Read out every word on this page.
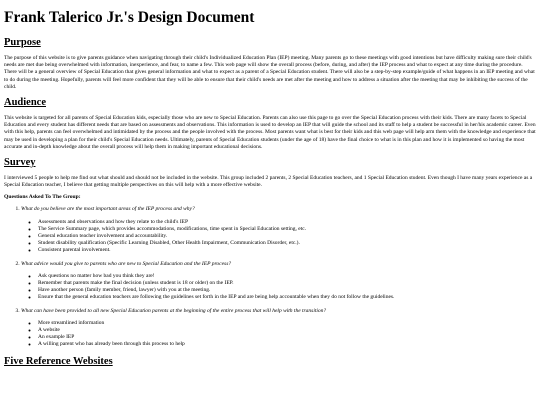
Frank Talerico Jr.'s Design Document
Purpose

The purpose of this website is to give parents guidance when navigating through their child's Individualized Education Plan (IEP) meeting. Many parents go to these meetings with good intentions but have difficulty making sure their child's needs are met due being overwhelmed with information, inexperience, and fear, to name a few. This web page will show the overall process (before, during, and after) the IEP process and what to expect at any time during the procedure. There will be a general overview of Special Education that gives general information and what to expect as a parent of a Special Education student. There will also be a step-by-step example/guide of what happens in an IEP meeting and what to do during the meeting. Hopefully, parents will feel more confident that they will be able to ensure that their child's needs are met after the meeting and how to address a situation after the meeting that may be inhibiting the success of the child.

Audience

This website is targeted for all parents of Special Education kids, especially those who are new to Special Education. Parents can also use this page to go over the Special Education process with their kids. There are many facets to Special Education and every student has different needs that are based on assessments and observations. This information is used to develop an IEP that will guide the school and its staff to help a student be successful in her/his academic career. Even with this help, parents can feel overwhelmed and intimidated by the process and the people involved with the process. Most parents want what is best for their kids and this web page will help arm them with the knowledge and experience that may be used in developing a plan for their child's Special Education needs. Ultimately, parents of Special Education students (under the age of 18) have the final choice to what is in this plan and how it is implemented so having the most accurate and in-depth knowledge about the overall process will help them in making important educational decisions.

Survey

I interviewed 5 people to help me find out what should and should not be included in the website. This group included 2 parents, 2 Special Education teachers, and 1 Special Education student. Even though I have many years experience as a Special Education teacher, I believe that getting multiple perspectives on this will help with a more effective website.

Questions Asked To The Group:
1. What do you believe are the most important areas of the IEP process and why?
◦ Assessments and observations and how they relate to the child's IEP
◦ The Service Summary page, which provides accommodations, modifications, time spent in Special Education setting, etc.
◦ General education teacher involvement and accountability.
◦ Student disability qualification (Specific Learning Disabled, Other Health Impairment, Communication Disorder, etc.).
◦ Consistent parental involvement.
2. What advice would you give to parents who are new to Special Education and the IEP process?
◦ Ask questions no matter how bad you think they are!
◦ Remember that parents make the final decision (unless student is 18 or older) on the IEP.
◦ Have another person (family member, friend, lawyer) with you at the meeting.
◦ Ensure that the general education teachers are following the guidelines set forth in the IEP and are being help accountable when they do not follow the guidelines.
3. What can have been provided to all new Special Education parents at the beginning of the entire process that will help with the transition?
◦ More streamlined information
◦ A website
◦ An example IEP
◦ A willing parent who has already been through this process to help
Five Reference Websites
